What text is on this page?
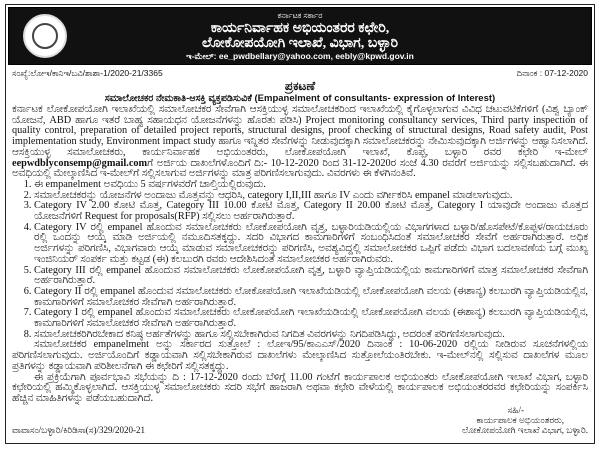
ಕರ್ನಾಟಕ ಸರ್ಕಾರ
ಕಾರ್ಯನಿರ್ವಾಹಕ ಅಭಿಯಂತರರ ಕಛೇರಿ,
ಲೋಕೋಪಯೋಗಿ ಇಲಾಖೆ, ವಿಭಾಗ, ಬಳ್ಳಾರಿ
ಇ-ಮೇಲ್: ee_pwdbellary@yahoo.com, eebly@kpwd.gov.in
ಸಂಖ್ಯೆ:ಲೋಇ/ಕಾನಿಇ/ಬವಿ/ಶಾಶಾ-1/2020-21/3365	ದಿನಾಂಕ : 07-12-2020
ಪ್ರಕಟಣೆ
ಸಮಾಲೋಚಕರ ನೇಮಕಾತಿ-ಆಸಕ್ತಿ ವ್ಯಕ್ತಪಡಿಸುವಿಕೆ (Empanelment of consultants- expression of Interest)

ಕರ್ನಾಟಕ ಲೋಕೋಪಯೋಗಿ ಇಲಾಖೆಯಲ್ಲಿ ಸಮಾಲೋಚಕರ ಸೇವೆಗಾಗಿ ಆಸಕ್ತಿಯುಳ್ಳ ಸಮಾಲೋಚಕರಿಂದ ಇಲಾಖೆಯಲ್ಲಿ ಕೈಗೊಳ್ಳಲಾಗುವ ವಿವಿಧ ಚಟುವಟಿಕೆಗಳಿಗೆ (ವಿಶ್ವ ಬ್ಯಾಂಕ್ ಯೋಜನೆ, ABD ಹಾಗೂ ಇತರೆ ಬಾಹ್ಯ ಸಹಾಯಧನ ಯೋಜನೆಗಳನ್ನು ಹೊರತು ಪಡಿಸಿ) Project monitoring consultancy services, Third party inspection of quality control, preparation of detailed project reports, structural designs, proof checking of structural designs, Road safety audit, Post implementation study, Environment impact study ಹಾಗೂ ಇನ್ನಿತರ ಸೇವೆಗಳನ್ನು ನೀಡುವುದಕ್ಕಾಗಿ ಸಮಾಲೋಚಕರನ್ನು ನೇಮಿಸುವುದಕ್ಕಾಗಿ ಅರ್ಜಿಗಳನ್ನು ಆಹ್ವಾನಿಸಲಾಗಿದೆ. ಆಸಕ್ತಿಯುಳ್ಳ ಸಮಾಲೋಚಕರು, ಕಾರ್ಯನಿರ್ವಾಹಕ ಅಭಿಯಂತರರು, ಲೋಕೋಪಯೋಗಿ ಇಲಾಖೆ, ಕೊಪ್ಪ, ಬಳ್ಳಾರಿ ರವರ ಕಛೇರಿ ಇ-ಮೇಲ್ eepwdblyconsemp@gmail.comಗೆ ಅರ್ಜಿಯ ದಾಖಲೆಗಳೊಂದಿಗೆ ದಿ:- 10-12-2020 ರಿಂದ 31-12-2020ರ ಸಂಜೆ 4.30 ರವರೆಗೆ ಅರ್ಜಿಯನ್ನು ಸಲ್ಲಿಸಬಹುದಾಗಿದೆ. ಈ ಅವಧಿಯಲ್ಲಿ ಮೇಲ್ಕಾಣಿಸಿದ ಇ-ಮೇಲ್‌ಗೆ ಸಲ್ಲಿಸಲಾಗುವ ಅರ್ಜಿಗಳನ್ನು ಮಾತ್ರ ಪರಿಗಣಿಸಲಾಗುವುದು. ವಿವರಗಳು ಈ ಕೆಳಗಿನಂತಿವೆ.

1. ಈ empanelment ಅವಧಿಯು 5 ವರ್ಷಗಳವರೆಗೆ ಚಾಲ್ತಿಯಲ್ಲಿರುವುದು.
2. ಸಮಾಲೋಚಕರನ್ನು ಯೋಜನೆಗಳ ಅಂದಾಜು ಮೊತ್ತವನ್ನು ಆಧರಿಸಿ, category I,II,III ಹಾಗೂ IV ಎಂದು ವರ್ಗೀಕರಿಸಿ empanel ಮಾಡಲಾಗುವುದು.
3. Category IV 2.00 ಕೋಟಿ ಮೊತ್ತ, Category III 10.00 ಕೋಟಿ ಮೊತ್ತ, Category II 20.00 ಕೋಟಿ ಮೊತ್ತ, Category I ಯಾವುದೇ ಅಂದಾಜು ಮೊತ್ತದ ಯೋಜನೆಗಳಿಗೆ Request for proposals(RFP) ಸಲ್ಲಿಸಲು ಅರ್ಹರಾಗಿರುತ್ತಾರೆ.
4. Category IV ರಲ್ಲಿ empanel ಹೊಂದುವ ಸಮಾಲೋಚಕರು ಲೋಕೋಪಯೋಗಿ ವೃತ್ತ, ಬಳ್ಳಾರಿಯಡಿಯಲ್ಲಿಯ ವಿಭಾಗಗಳಾದ ಬಳ್ಳಾರಿ/ಹೊಸಪೇಟೆ/ಕೊಪ್ಪಳ/ರಾಯಚೂರು ರಲ್ಲಿ ಒಂದನ್ನು ಆಯ್ಕೆ ಮಾಡಿ ಅರ್ಜಿಯಲ್ಲಿ ನಮೂದಿಸತಕ್ಕದ್ದು. ಸದರಿ ವಿಭಾಗದ ಕಾಮಗಾರಿಗಳಿಗೆ ಸಂಬಂಧಿಸಿದಂತೆ ಸಮಾಲೋಚಕರ ಸೇವೆಗೆ ಅರ್ಹರಾಗಿರುತ್ತಾರೆ. ಅಧಿಕ ಅರ್ಜಿಗಳನ್ನು ಪರಿಗಣಿಸಿ, ವಿಭಾಗವಾರು ಆಯ್ಕೆ ಮಾಡುವ ಸಮಾಲೋಚಕರನ್ನು ಪರಿಗಣಿಸಿ, ಅವಶ್ಯವಿದ್ದಲ್ಲಿ ಸಮಾಲೋಚಕರ ಒಪ್ಪಿಗೆ ಪಡೆದು ವಿಭಾಗ ಬದಲಾವಣೆಯ ಬಗ್ಗೆ ಮುಖ್ಯ ಇಂಜಿನಿಯರ್ ಸಂಪರ್ಕ ಮತ್ತು ಕಟ್ಟಡ (ಈ) ಕಲಬುರಗಿ ರವರು ಆದೇಶಿಸಿದಂತೆ ಸಮಾಲೋಚಕರ ಅರ್ಹರಾಗಿರುವರು.
5. Category III ರಲ್ಲಿ empanel ಹೊಂದುವ ಸಮಾಲೋಚಕರು ಲೋಕೋಪಯೋಗಿ ವೃತ್ತ, ಬಳ್ಳಾರಿ ವ್ಯಾಪ್ತಿಯಡಿಯಲ್ಲಿಯ ಕಾಮಗಾರಿಗಳಿಗೆ ಮಾತ್ರ ಸಮಾಲೋಚಕರ ಸೇವೆಗಾಗಿ ಅರ್ಹರಾಗಿರುತ್ತಾರೆ.
6. Category II ರಲ್ಲಿ empanel ಹೊಂದುವ ಸಮಾಲೋಚಕರು ಲೋಕೋಪಯೋಗಿ ಇಲಾಖೆಯಡಿಯಲ್ಲಿ ಲೋಕೋಪಯೋಗಿ ವಲಯ (ಈಶಾನ್ಯ) ಕಲಬುರಗಿ ವ್ಯಾಪ್ತಿಯಡಿಯಲ್ಲಿನ, ಕಾಮಗಾರಿಗಳಿಗೆ ಸಮಾಲೋಚಕರ ಸೇವೆಗಾಗಿ ಅರ್ಹರಾಗಿರುತ್ತಾರೆ.
7. Category I ರಲ್ಲಿ empanel ಹೊಂದುವ ಸಮಾಲೋಚಕರು ಲೋಕೋಪಯೋಗಿ ಇಲಾಖೆಯಡಿಯಲ್ಲಿ ಲೋಕೋಪಯೋಗಿ ವಲಯ (ಈಶಾನ್ಯ) ಕಲಬುರಗಿ ವ್ಯಾಪ್ತಿಯಡಿಯಲ್ಲಿನ, ಕಾಮಗಾರಿಗಳಿಗೆ ಸಮಾಲೋಚಕರ ಸೇವೆಗಾಗಿ ಅರ್ಹರಾಗಿರುತ್ತಾರೆ.
8. ಸಮಾಲೋಚಕರಿಗಿರಬೇಕಾದ ಕನಿಷ್ಠ ಅರ್ಹತೆಗಳನ್ನು ಹಾಗೂ ಸಲ್ಲಿಸಬೇಕಾಗಿರುವ ನಿಗದಿತ ವಿವರಗಳನ್ನು ನಿಗದಿಪಡಿಸಿದ್ದು, ಅದರಂತೆ ಪರಿಗಣಿಸಲಾಗುವುದು.

ಸಮಾಲೋಚಕರ empanelment ಅನ್ನು ಸರ್ಕಾರದ ಸುತ್ತೋಲೆ : ಲೋಇ/95/ಕಾಎಎಸ್/2020 ದಿನಾಂಕ : 10-06-2020 ರಲ್ಲಿಯ ನೀಡಿರುವ ಸೂಚನೆಗಳಲ್ಲಿಯ ಪರಿಗಣಿಸಲಾಗುವುದು. ಅರ್ಜಿಯೊಂದಿಗೆ ಕಡ್ಡಾಯವಾಗಿ ಸಲ್ಲಿಸಬೇಕಾಗಿರುವ ದಾಖಲೆಗಳು ಮೇಲ್ಕಾಣಿಸಿದ ಸುತ್ತೋಲೆಯಂತಿರಬೇಕು. ಇ-ಮೇಲ್‌ನಲ್ಲಿ ಸಲ್ಲಿಸುವ ದಾಖಲೆಗಳ ಮೂಲ ಪ್ರತಿಗಳನ್ನು ಕಡ್ಡಾಯವಾಗಿ ಪರಿಶೀಲನೆಗಾಗಿ ಈ ಕಛೇರಿಗೆ ಸಲ್ಲಿಸತಕ್ಕದ್ದು.

ಈ ಪ್ರಕ್ರಿಯೆಗಾಗಿ ಪೂರ್ವಭಾವಿ ಸಭೆಯನ್ನು ದಿ : 17-12-2020 ರಂದು ಬೆಳಿಗ್ಗೆ 11.00 ಗಂಟೆಗೆ ಕಾರ್ಯಪಾಲಕ ಅಭಿಯಂತರು ಲೋಕೋಪಯೋಗಿ ಇಲಾಖೆ ವಿಭಾಗ, ಬಳ್ಳಾರಿ ಕಛೇರಿಯಲ್ಲಿ ಹಮ್ಮಿಕೊಳ್ಳಲಾಗಿದೆ. ಆಸಕ್ತಿಯುಳ್ಳ ಸಮಾಲೋಚಕರು ಸದರಿ ಸಭೆಗೆ ಹಾಜರಾಗಿ ಅಥವಾ ಕಛೇರಿ ವೇಳೆಯಲ್ಲಿ ಕಾರ್ಯಪಾಲಕ ಅಭಿಯಂತರರವರ ಕಛೇರಿಯನ್ನು ಸಂಪರ್ಕಿಸಿ ಹೆಚ್ಚಿನ ಮಾಹಿತಿಗಳನ್ನು ಪಡೆಯಬಹುದಾಗಿದೆ.

ಸಹಿ/-
ಕಾರ್ಯಪಾಲಕ ಅಭಿಯಂತರರು,
ವಾವಾಸಂ/ಬಳ್ಳಾರಿ/ಕಿರಿಡಿಸಾ(ಸ)/329/2020-21	ಲೋಕೋಪಯೋಗಿ ಇಲಾಖೆ ವಿಭಾಗ, ಬಳ್ಳಾರಿ.
